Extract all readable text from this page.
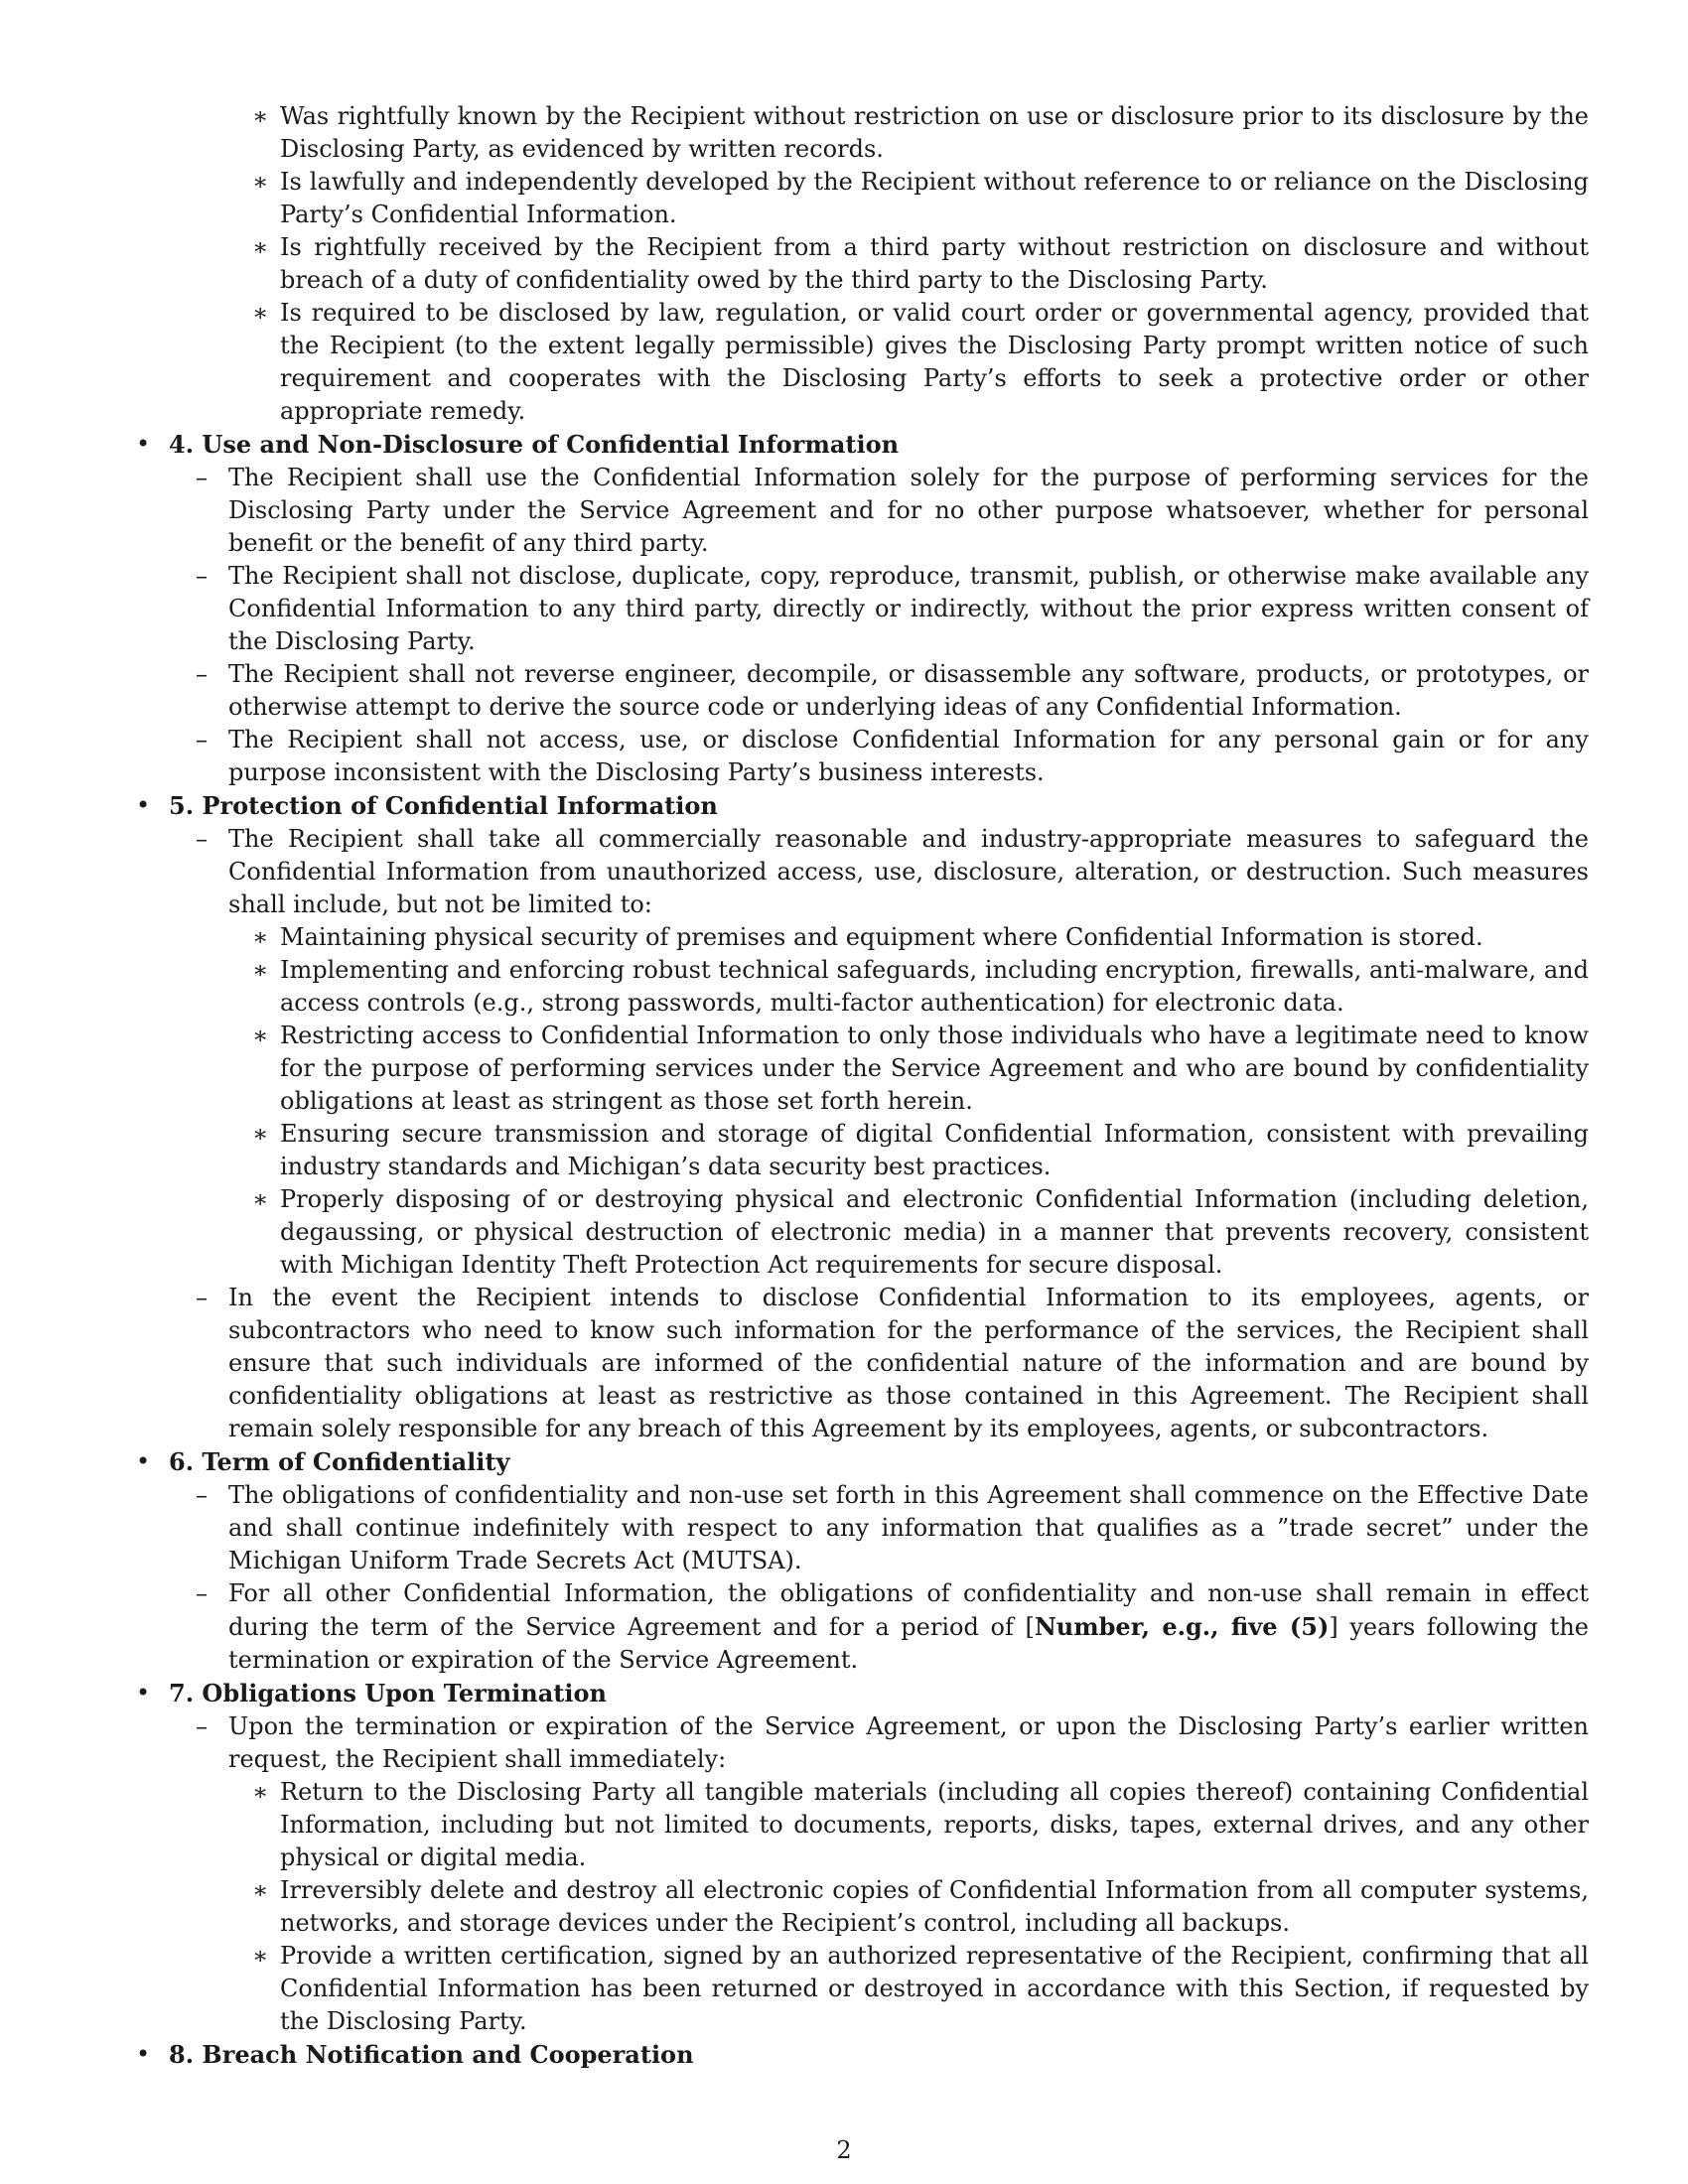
∗ Was rightfully known by the Recipient without restriction on use or disclosure prior to its disclosure by the Disclosing Party, as evidenced by written records.
∗ Is lawfully and independently developed by the Recipient without reference to or reliance on the Disclosing Party’s Confidential Information.
∗ Is rightfully received by the Recipient from a third party without restriction on disclosure and without breach of a duty of confidentiality owed by the third party to the Disclosing Party.
∗ Is required to be disclosed by law, regulation, or valid court order or governmental agency, provided that the Recipient (to the extent legally permissible) gives the Disclosing Party prompt written notice of such requirement and cooperates with the Disclosing Party’s efforts to seek a protective order or other appropriate remedy.
• 4. Use and Non-Disclosure of Confidential Information
– The Recipient shall use the Confidential Information solely for the purpose of performing services for the Disclosing Party under the Service Agreement and for no other purpose whatsoever, whether for personal benefit or the benefit of any third party.
– The Recipient shall not disclose, duplicate, copy, reproduce, transmit, publish, or otherwise make available any Confidential Information to any third party, directly or indirectly, without the prior express written consent of the Disclosing Party.
– The Recipient shall not reverse engineer, decompile, or disassemble any software, products, or prototypes, or otherwise attempt to derive the source code or underlying ideas of any Confidential Information.
– The Recipient shall not access, use, or disclose Confidential Information for any personal gain or for any purpose inconsistent with the Disclosing Party’s business interests.
• 5. Protection of Confidential Information
– The Recipient shall take all commercially reasonable and industry-appropriate measures to safeguard the Confidential Information from unauthorized access, use, disclosure, alteration, or destruction. Such measures shall include, but not be limited to:
∗ Maintaining physical security of premises and equipment where Confidential Information is stored.
∗ Implementing and enforcing robust technical safeguards, including encryption, firewalls, anti-malware, and access controls (e.g., strong passwords, multi-factor authentication) for electronic data.
∗ Restricting access to Confidential Information to only those individuals who have a legitimate need to know for the purpose of performing services under the Service Agreement and who are bound by confidentiality obligations at least as stringent as those set forth herein.
∗ Ensuring secure transmission and storage of digital Confidential Information, consistent with prevailing industry standards and Michigan’s data security best practices.
∗ Properly disposing of or destroying physical and electronic Confidential Information (including deletion, degaussing, or physical destruction of electronic media) in a manner that prevents recovery, consistent with Michigan Identity Theft Protection Act requirements for secure disposal.
– In the event the Recipient intends to disclose Confidential Information to its employees, agents, or subcontractors who need to know such information for the performance of the services, the Recipient shall ensure that such individuals are informed of the confidential nature of the information and are bound by confidentiality obligations at least as restrictive as those contained in this Agreement. The Recipient shall remain solely responsible for any breach of this Agreement by its employees, agents, or subcontractors.
• 6. Term of Confidentiality
– The obligations of confidentiality and non-use set forth in this Agreement shall commence on the Effective Date and shall continue indefinitely with respect to any information that qualifies as a ”trade secret” under the Michigan Uniform Trade Secrets Act (MUTSA).
– For all other Confidential Information, the obligations of confidentiality and non-use shall remain in effect during the term of the Service Agreement and for a period of [Number, e.g., five (5)] years following the termination or expiration of the Service Agreement.
• 7. Obligations Upon Termination
– Upon the termination or expiration of the Service Agreement, or upon the Disclosing Party’s earlier written request, the Recipient shall immediately:
∗ Return to the Disclosing Party all tangible materials (including all copies thereof) containing Confidential Information, including but not limited to documents, reports, disks, tapes, external drives, and any other physical or digital media.
∗ Irreversibly delete and destroy all electronic copies of Confidential Information from all computer systems, networks, and storage devices under the Recipient’s control, including all backups.
∗ Provide a written certification, signed by an authorized representative of the Recipient, confirming that all Confidential Information has been returned or destroyed in accordance with this Section, if requested by the Disclosing Party.
• 8. Breach Notification and Cooperation
2
